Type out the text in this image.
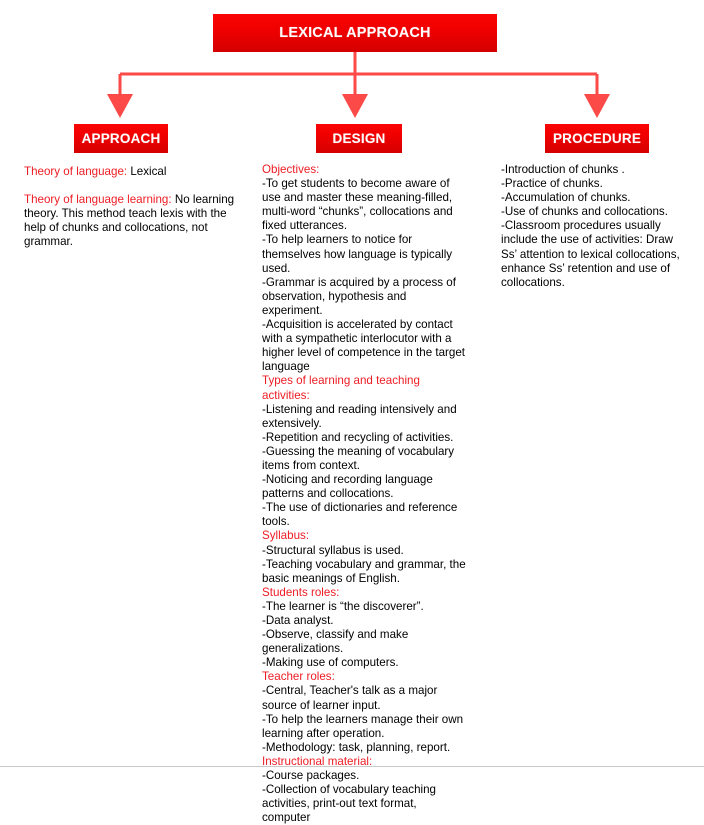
LEXICAL APPROACH
APPROACH	DESIGN	PROCEDURE

Theory of language: Lexical

Theory of language learning: No learning theory. This method teach lexis with the help of chunks and collocations, not grammar.

Objectives:
-To get students to become aware of use and master these meaning-filled, multi-word “chunks”, collocations and fixed utterances.
-To help learners to notice for themselves how language is typically used.
-Grammar is acquired by a process of observation, hypothesis and experiment.
-Acquisition is accelerated by contact with a sympathetic interlocutor with a higher level of competence in the target language
Types of learning and teaching activities:
-Listening and reading intensively and extensively.
-Repetition and recycling of activities.
-Guessing the meaning of vocabulary items from context.
-Noticing and recording language patterns and collocations.
-The use of dictionaries and reference tools.
Syllabus:
-Structural syllabus is used.
-Teaching vocabulary and grammar, the basic meanings of English.
Students roles:
-The learner is “the discoverer”.
-Data analyst.
-Observe, classify and make generalizations.
-Making use of computers.
Teacher roles:
-Central, Teacher's talk as a major source of learner input.
-To help the learners manage their own learning after operation.
-Methodology: task, planning, report.
Instructional material:
-Course packages.
-Collection of vocabulary teaching activities, print-out text format, computer
-Introduction of chunks .
-Practice of chunks.
-Accumulation of chunks.
-Use of chunks and collocations.
-Classroom procedures usually include the use of activities: Draw Ss’ attention to lexical collocations, enhance Ss’ retention and use of collocations.
